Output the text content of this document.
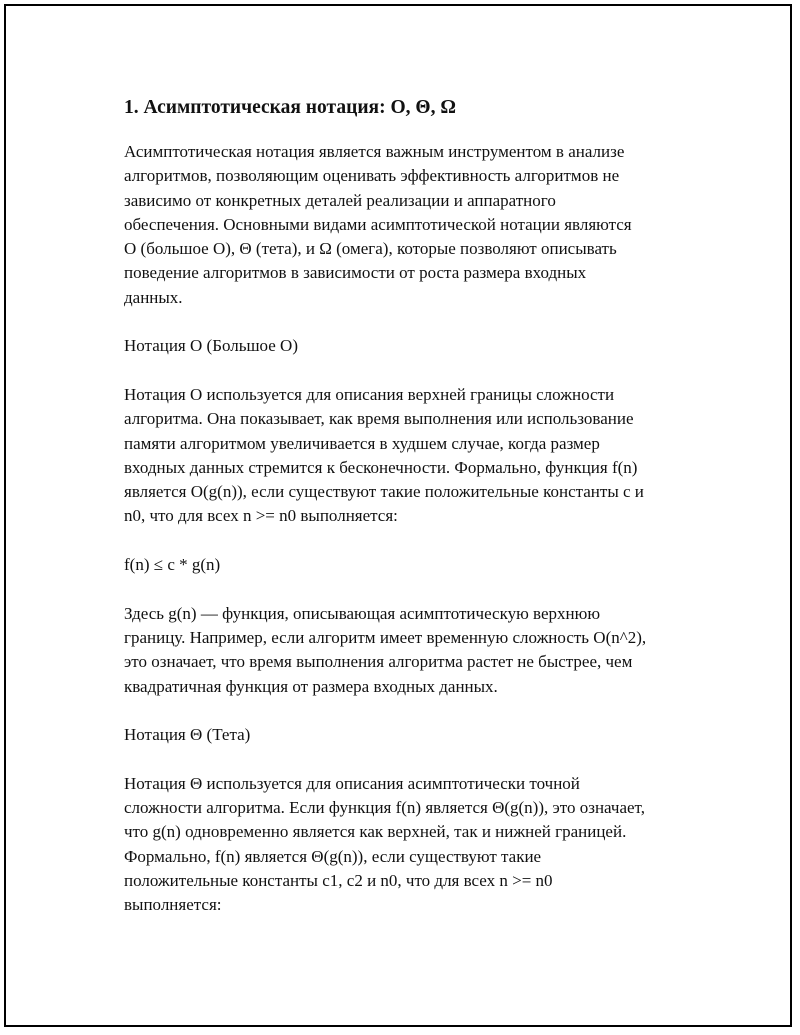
1. Асимптотическая нотация: O, Θ, Ω
Асимптотическая нотация является важным инструментом в анализе
алгоритмов, позволяющим оценивать эффективность алгоритмов не
зависимо от конкретных деталей реализации и аппаратного
обеспечения. Основными видами асимптотической нотации являются
O (большое O), Θ (тета), и Ω (омега), которые позволяют описывать
поведение алгоритмов в зависимости от роста размера входных
данных.
Нотация O (Большое O)
Нотация O используется для описания верхней границы сложности
алгоритма. Она показывает, как время выполнения или использование
памяти алгоритмом увеличивается в худшем случае, когда размер
входных данных стремится к бесконечности. Формально, функция f(n)
является O(g(n)), если существуют такие положительные константы c и
n0, что для всех n >= n0 выполняется:
f(n) ≤ c * g(n)
Здесь g(n) — функция, описывающая асимптотическую верхнюю
границу. Например, если алгоритм имеет временную сложность O(n^2),
это означает, что время выполнения алгоритма растет не быстрее, чем
квадратичная функция от размера входных данных.
Нотация Θ (Тета)
Нотация Θ используется для описания асимптотически точной
сложности алгоритма. Если функция f(n) является Θ(g(n)), это означает,
что g(n) одновременно является как верхней, так и нижней границей.
Формально, f(n) является Θ(g(n)), если существуют такие
положительные константы c1, c2 и n0, что для всех n >= n0
выполняется:
